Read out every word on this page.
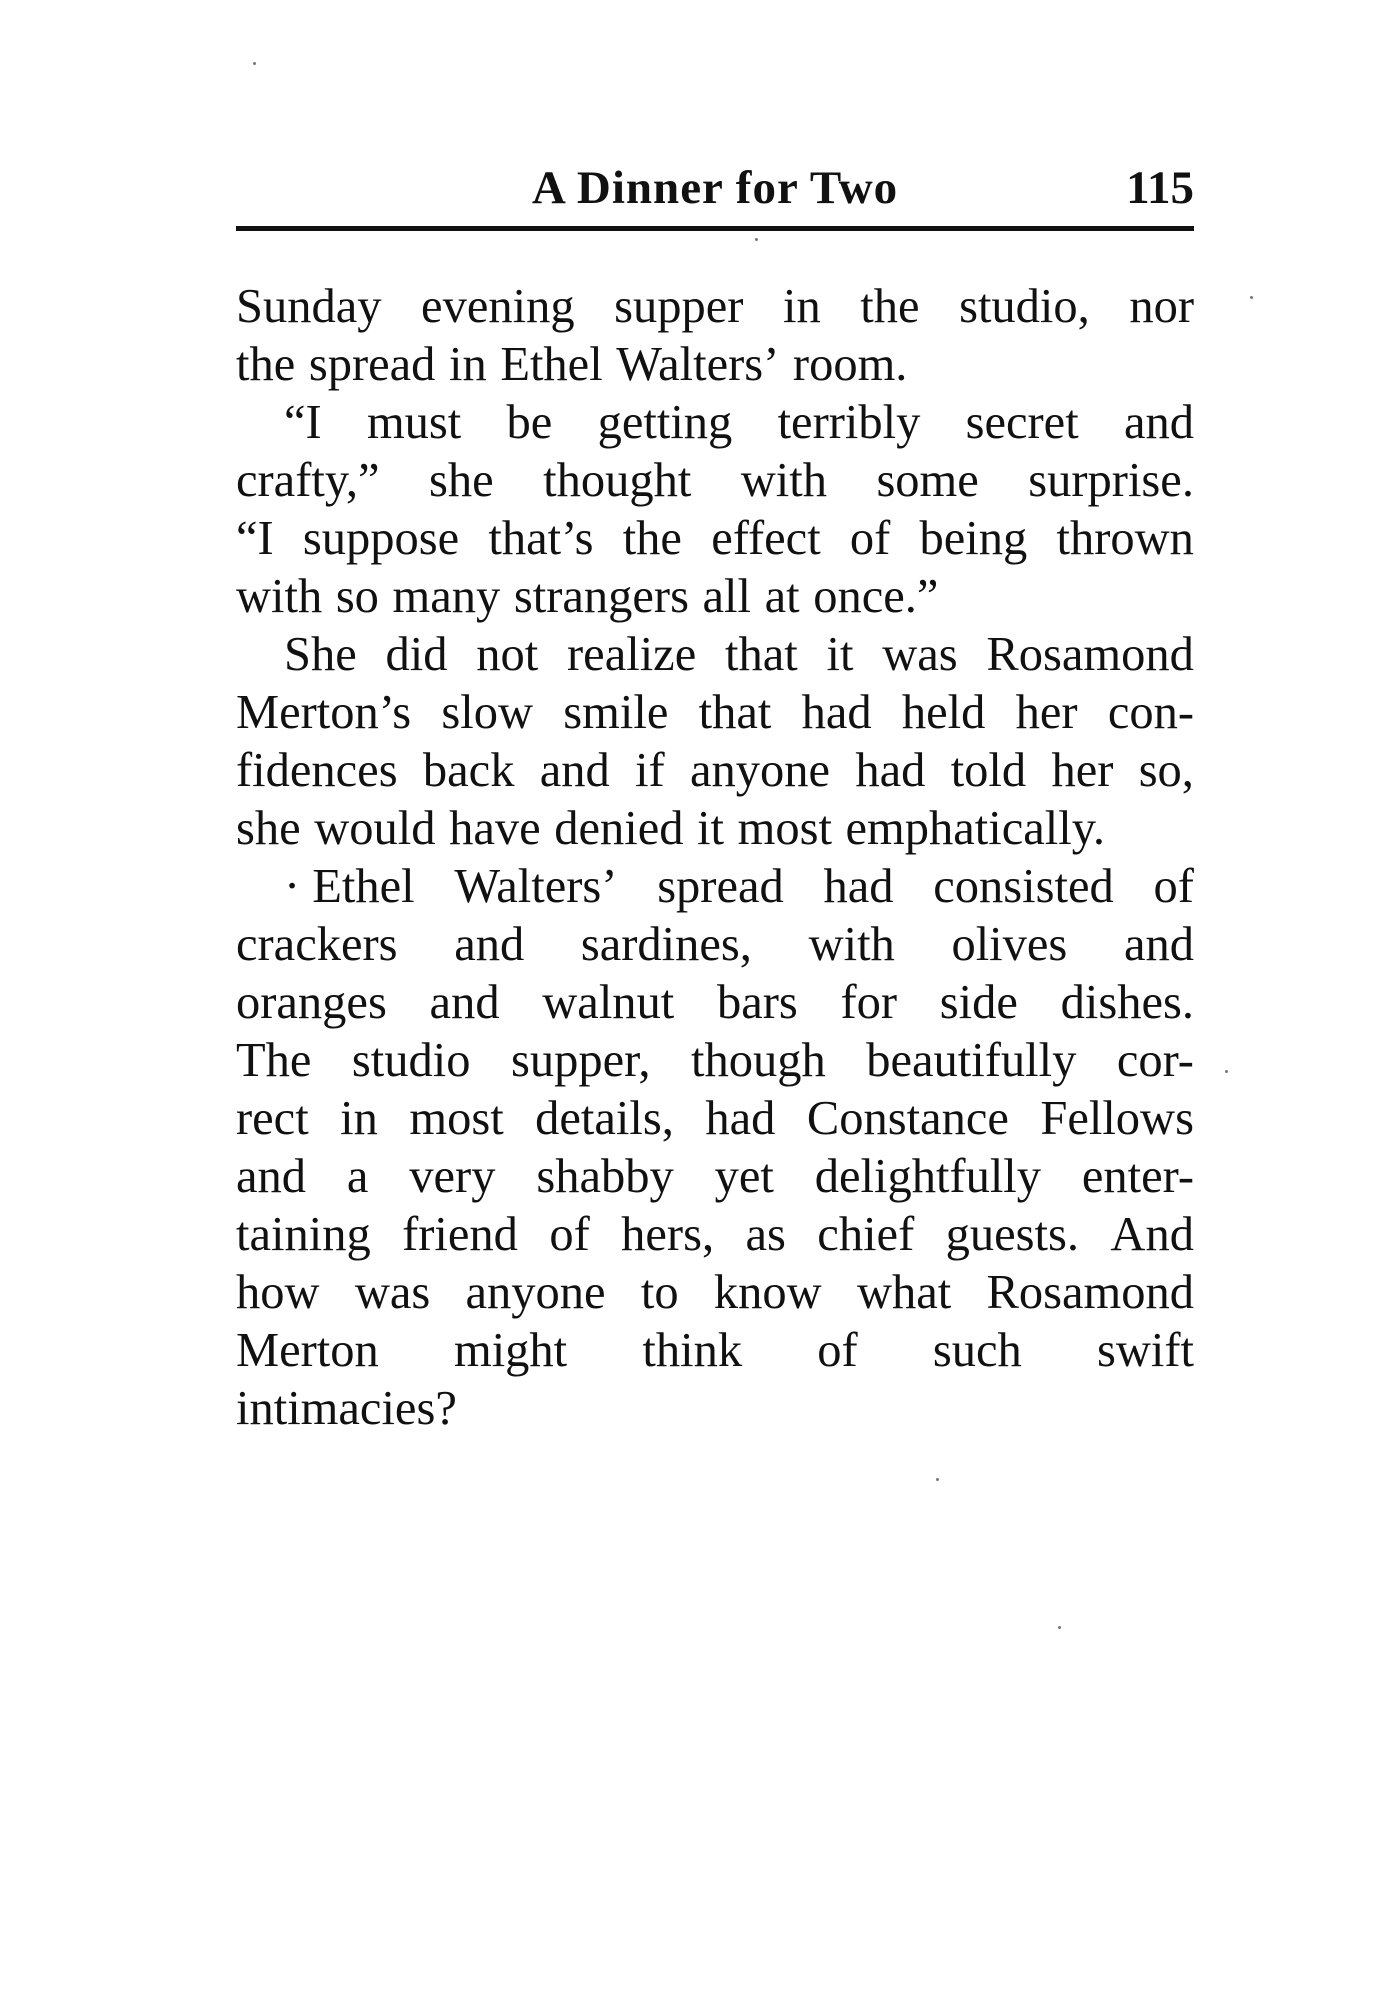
A Dinner for Two	115
Sunday evening supper in the studio, nor
the spread in Ethel Walters’ room.
“I must be getting terribly secret and
crafty,” she thought with some surprise.
“I suppose that’s the effect of being thrown
with so many strangers all at once.”
She did not realize that it was Rosamond
Merton’s slow smile that had held her con-
fidences back and if anyone had told her so,
she would have denied it most emphatically.
· Ethel Walters’ spread had consisted of
crackers and sardines, with olives and
oranges and walnut bars for side dishes.
The studio supper, though beautifully cor-
rect in most details, had Constance Fellows
and a very shabby yet delightfully enter-
taining friend of hers, as chief guests. And
how was anyone to know what Rosamond
Merton might think of such swift
intimacies?
